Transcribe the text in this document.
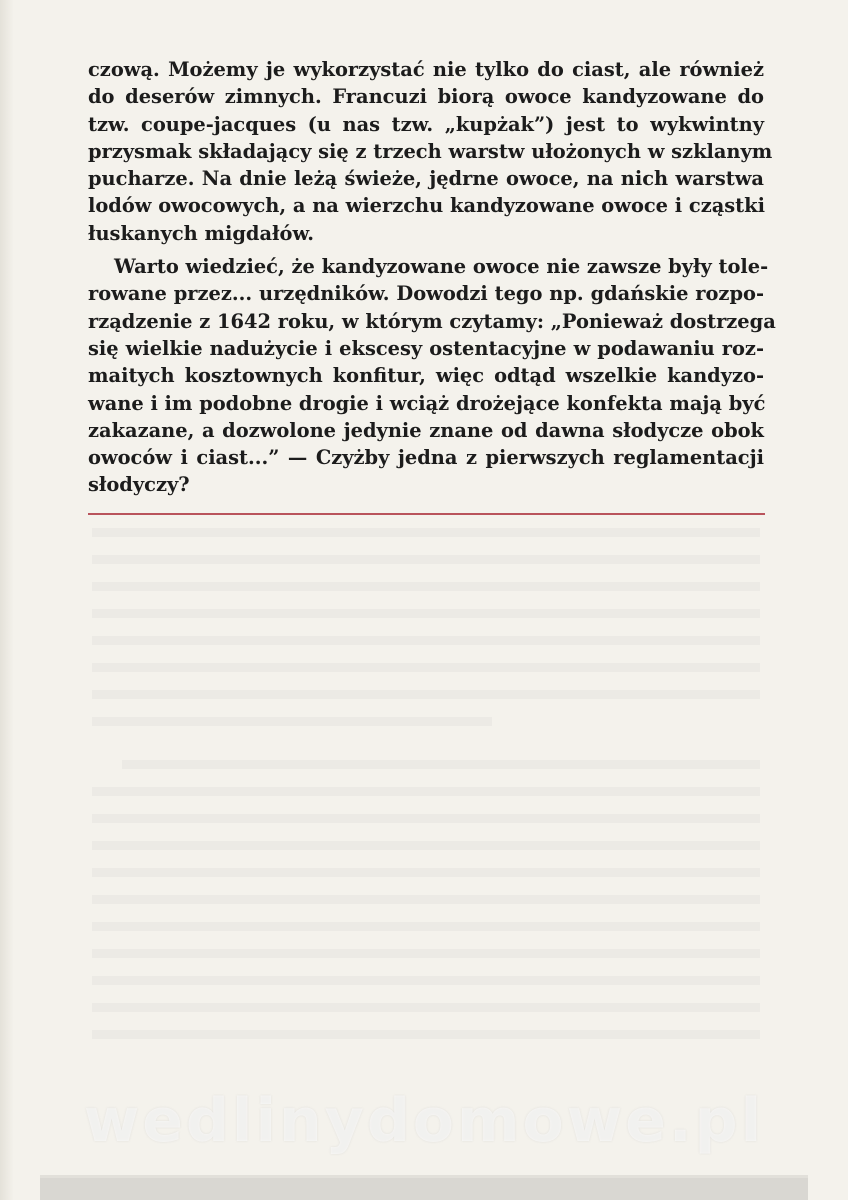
czową. Możemy je wykorzystać nie tylko do ciast, ale również
do deserów zimnych. Francuzi biorą owoce kandyzowane do
tzw. coupe-jacques (u nas tzw. „kupżak”) jest to wykwintny
przysmak składający się z trzech warstw ułożonych w szklanym
pucharze. Na dnie leżą świeże, jędrne owoce, na nich warstwa
lodów owocowych, a na wierzchu kandyzowane owoce i cząstki
łuskanych migdałów.
Warto wiedzieć, że kandyzowane owoce nie zawsze były tole-
rowane przez... urzędników. Dowodzi tego np. gdańskie rozpo-
rządzenie z 1642 roku, w którym czytamy: „Ponieważ dostrzega
się wielkie nadużycie i ekscesy ostentacyjne w podawaniu roz-
maitych kosztownych konfitur, więc odtąd wszelkie kandyzo-
wane i im podobne drogie i wciąż drożejące konfekta mają być
zakazane, a dozwolone jedynie znane od dawna słodycze obok
owoców i ciast...” — Czyżby jedna z pierwszych reglamentacji
słodyczy?
wedlinydomowe.pl
